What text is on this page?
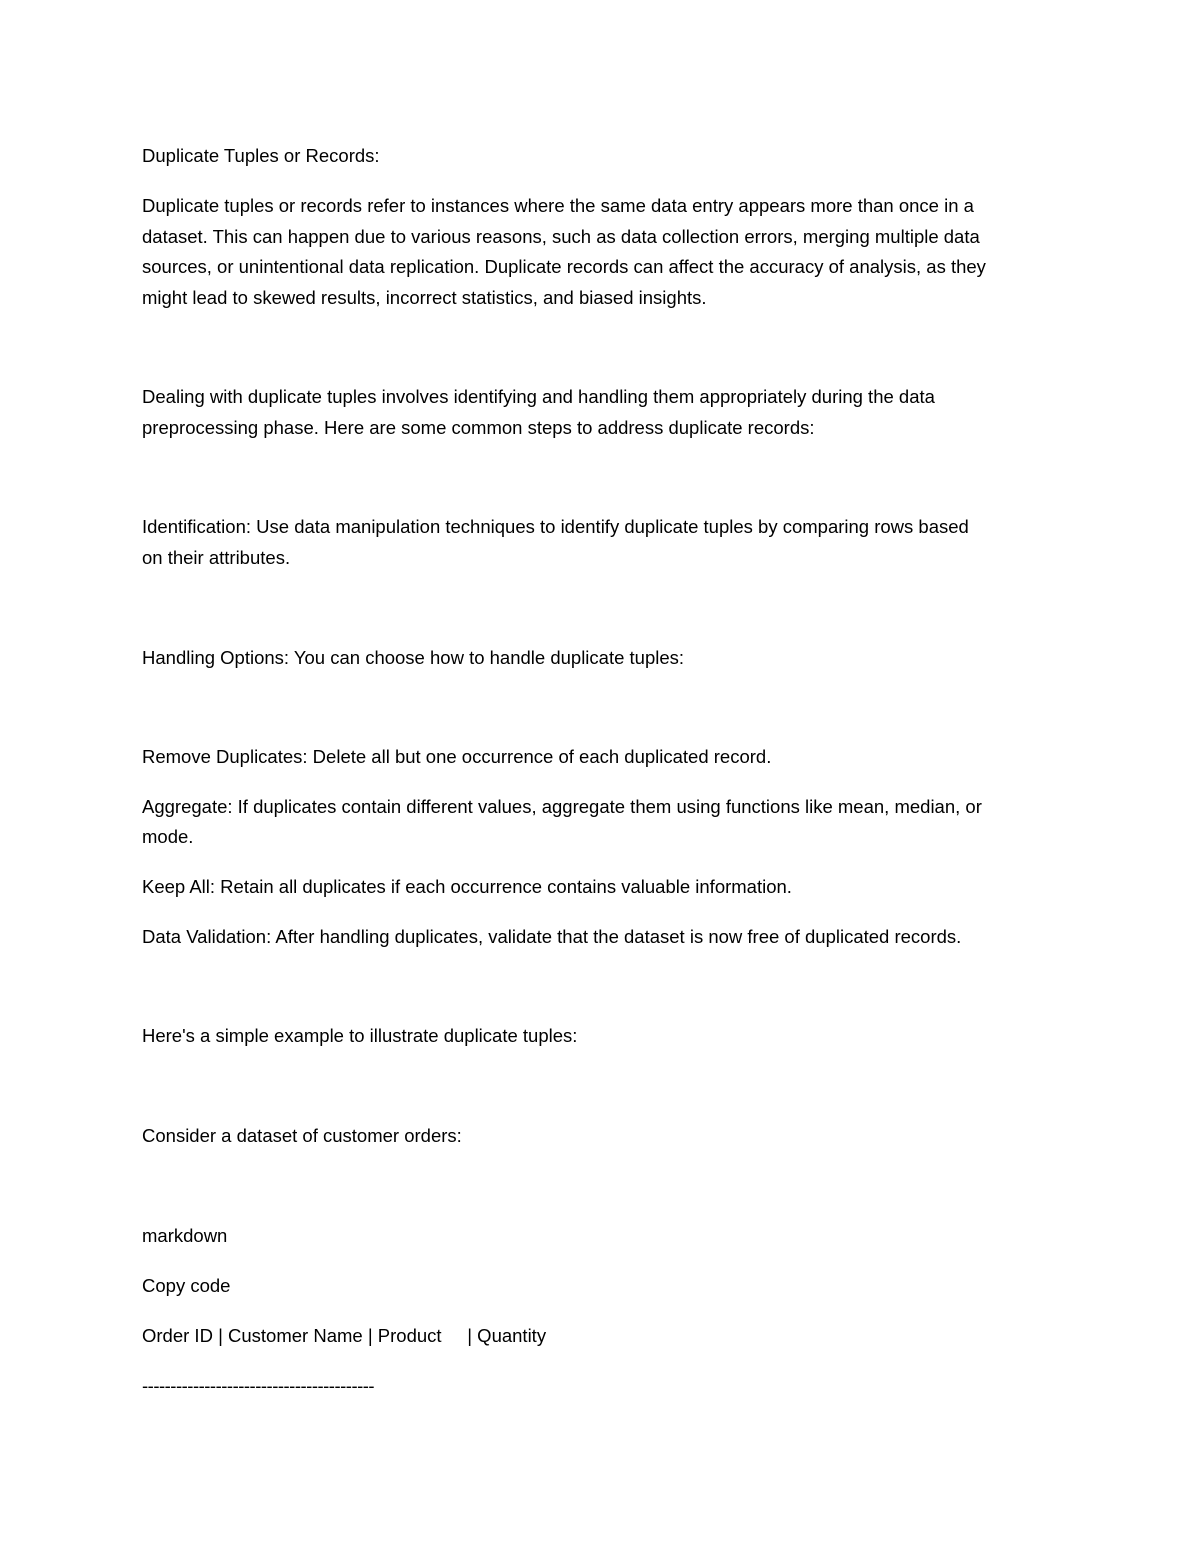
Duplicate Tuples or Records:
Duplicate tuples or records refer to instances where the same data entry appears more than once in a
dataset. This can happen due to various reasons, such as data collection errors, merging multiple data
sources, or unintentional data replication. Duplicate records can affect the accuracy of analysis, as they
might lead to skewed results, incorrect statistics, and biased insights.
Dealing with duplicate tuples involves identifying and handling them appropriately during the data
preprocessing phase. Here are some common steps to address duplicate records:
Identification: Use data manipulation techniques to identify duplicate tuples by comparing rows based
on their attributes.
Handling Options: You can choose how to handle duplicate tuples:
Remove Duplicates: Delete all but one occurrence of each duplicated record.
Aggregate: If duplicates contain different values, aggregate them using functions like mean, median, or
mode.
Keep All: Retain all duplicates if each occurrence contains valuable information.
Data Validation: After handling duplicates, validate that the dataset is now free of duplicated records.
Here's a simple example to illustrate duplicate tuples:
Consider a dataset of customer orders:
markdown
Copy code
Order ID | Customer Name | Product     | Quantity
-----------------------------------------
